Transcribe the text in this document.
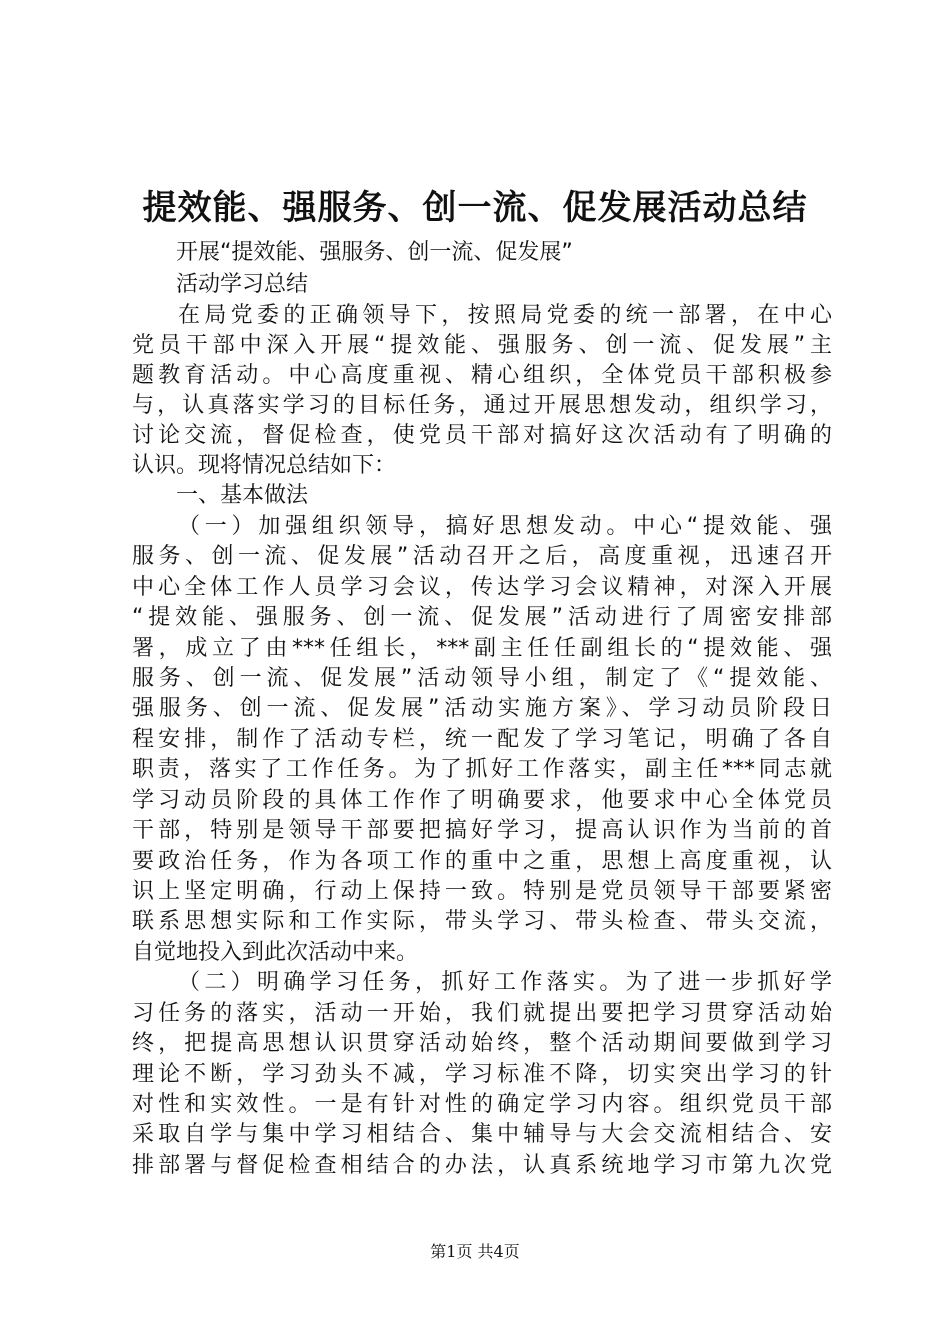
提效能、强服务、创一流、促发展活动总结

开展“提效能、强服务、创一流、促发展”

活动学习总结

在局党委的正确领导下，按照局党委的统一部署，在中心

党员干部中深入开展“提效能、强服务、创一流、促发展”主

题教育活动。中心高度重视、精心组织，全体党员干部积极参

与，认真落实学习的目标任务，通过开展思想发动，组织学习，

讨论交流，督促检查，使党员干部对搞好这次活动有了明确的

认识。现将情况总结如下：

一、基本做法

（一）加强组织领导，搞好思想发动。中心“提效能、强

服务、创一流、促发展”活动召开之后，高度重视，迅速召开

中心全体工作人员学习会议，传达学习会议精神，对深入开展

“提效能、强服务、创一流、促发展”活动进行了周密安排部

署，成立了由***任组长，***副主任任副组长的“提效能、强

服务、创一流、促发展”活动领导小组，制定了《“提效能、

强服务、创一流、促发展”活动实施方案》、学习动员阶段日

程安排，制作了活动专栏，统一配发了学习笔记，明确了各自

职责，落实了工作任务。为了抓好工作落实，副主任***同志就

学习动员阶段的具体工作作了明确要求，他要求中心全体党员

干部，特别是领导干部要把搞好学习，提高认识作为当前的首

要政治任务，作为各项工作的重中之重，思想上高度重视，认

识上坚定明确，行动上保持一致。特别是党员领导干部要紧密

联系思想实际和工作实际，带头学习、带头检查、带头交流，

自觉地投入到此次活动中来。

（二）明确学习任务，抓好工作落实。为了进一步抓好学

习任务的落实，活动一开始，我们就提出要把学习贯穿活动始

终，把提高思想认识贯穿活动始终，整个活动期间要做到学习

理论不断，学习劲头不减，学习标准不降，切实突出学习的针

对性和实效性。一是有针对性的确定学习内容。组织党员干部

采取自学与集中学习相结合、集中辅导与大会交流相结合、安

排部署与督促检查相结合的办法，认真系统地学习市第九次党

第1页 共4页
